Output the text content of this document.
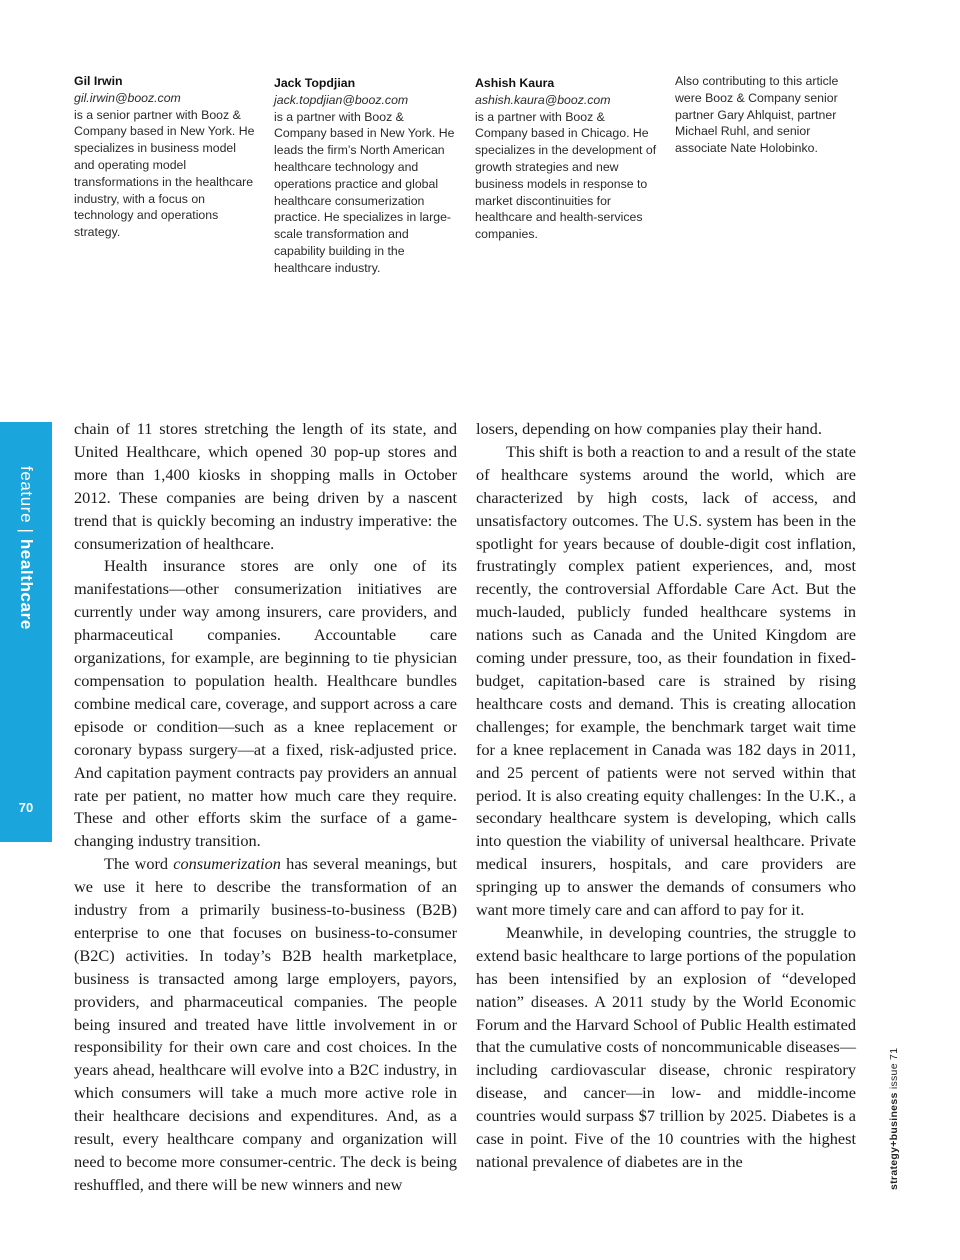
Gil Irwin
gil.irwin@booz.com
is a senior partner with Booz & Company based in New York. He specializes in business model and operating model transformations in the healthcare industry, with a focus on technology and operations strategy.
Jack Topdjian
jack.topdjian@booz.com
is a partner with Booz & Company based in New York. He leads the firm’s North American healthcare technology and operations practice and global healthcare consumerization practice. He specializes in large-scale transformation and capability building in the healthcare industry.
Ashish Kaura
ashish.kaura@booz.com
is a partner with Booz & Company based in Chicago. He specializes in the development of growth strategies and new business models in response to market discontinuities for healthcare and health-services companies.
Also contributing to this article were Booz & Company senior partner Gary Ahlquist, partner Michael Ruhl, and senior associate Nate Holobinko.
feature | healthcare
70

chain of 11 stores stretching the length of its state, and United Healthcare, which opened 30 pop-up stores and more than 1,400 kiosks in shopping malls in October 2012. These companies are being driven by a nascent trend that is quickly becoming an industry imperative: the consumerization of healthcare.

Health insurance stores are only one of its manifestations—other consumerization initiatives are currently under way among insurers, care providers, and pharmaceutical companies. Accountable care organizations, for example, are beginning to tie physician compensation to population health. Healthcare bundles combine medical care, coverage, and support across a care episode or condition—such as a knee replacement or coronary bypass surgery—at a fixed, risk-adjusted price. And capitation payment contracts pay providers an annual rate per patient, no matter how much care they require. These and other efforts skim the surface of a game-changing industry transition.

The word consumerization has several meanings, but we use it here to describe the transformation of an industry from a primarily business-to-business (B2B) enterprise to one that focuses on business-to-consumer (B2C) activities. In today’s B2B health marketplace, business is transacted among large employers, payors, providers, and pharmaceutical companies. The people being insured and treated have little involvement in or responsibility for their own care and cost choices. In the years ahead, healthcare will evolve into a B2C industry, in which consumers will take a much more active role in their healthcare decisions and expenditures. And, as a result, every healthcare company and organization will need to become more consumer-centric. The deck is being reshuffled, and there will be new winners and new

losers, depending on how companies play their hand.

This shift is both a reaction to and a result of the state of healthcare systems around the world, which are characterized by high costs, lack of access, and unsatisfactory outcomes. The U.S. system has been in the spotlight for years because of double-digit cost inflation, frustratingly complex patient experiences, and, most recently, the controversial Affordable Care Act. But the much-lauded, publicly funded healthcare systems in nations such as Canada and the United Kingdom are coming under pressure, too, as their foundation in fixed-budget, capitation-based care is strained by rising healthcare costs and demand. This is creating allocation challenges; for example, the benchmark target wait time for a knee replacement in Canada was 182 days in 2011, and 25 percent of patients were not served within that period. It is also creating equity challenges: In the U.K., a secondary healthcare system is developing, which calls into question the viability of universal healthcare. Private medical insurers, hospitals, and care providers are springing up to answer the demands of consumers who want more timely care and can afford to pay for it.

Meanwhile, in developing countries, the struggle to extend basic healthcare to large portions of the population has been intensified by an explosion of “developed nation” diseases. A 2011 study by the World Economic Forum and the Harvard School of Public Health estimated that the cumulative costs of noncommunicable diseases—including cardiovascular disease, chronic respiratory disease, and cancer—in low- and middle-income countries would surpass $7 trillion by 2025. Diabetes is a case in point. Five of the 10 countries with the highest national prevalence of diabetes are in the	strategy+business issue 71
